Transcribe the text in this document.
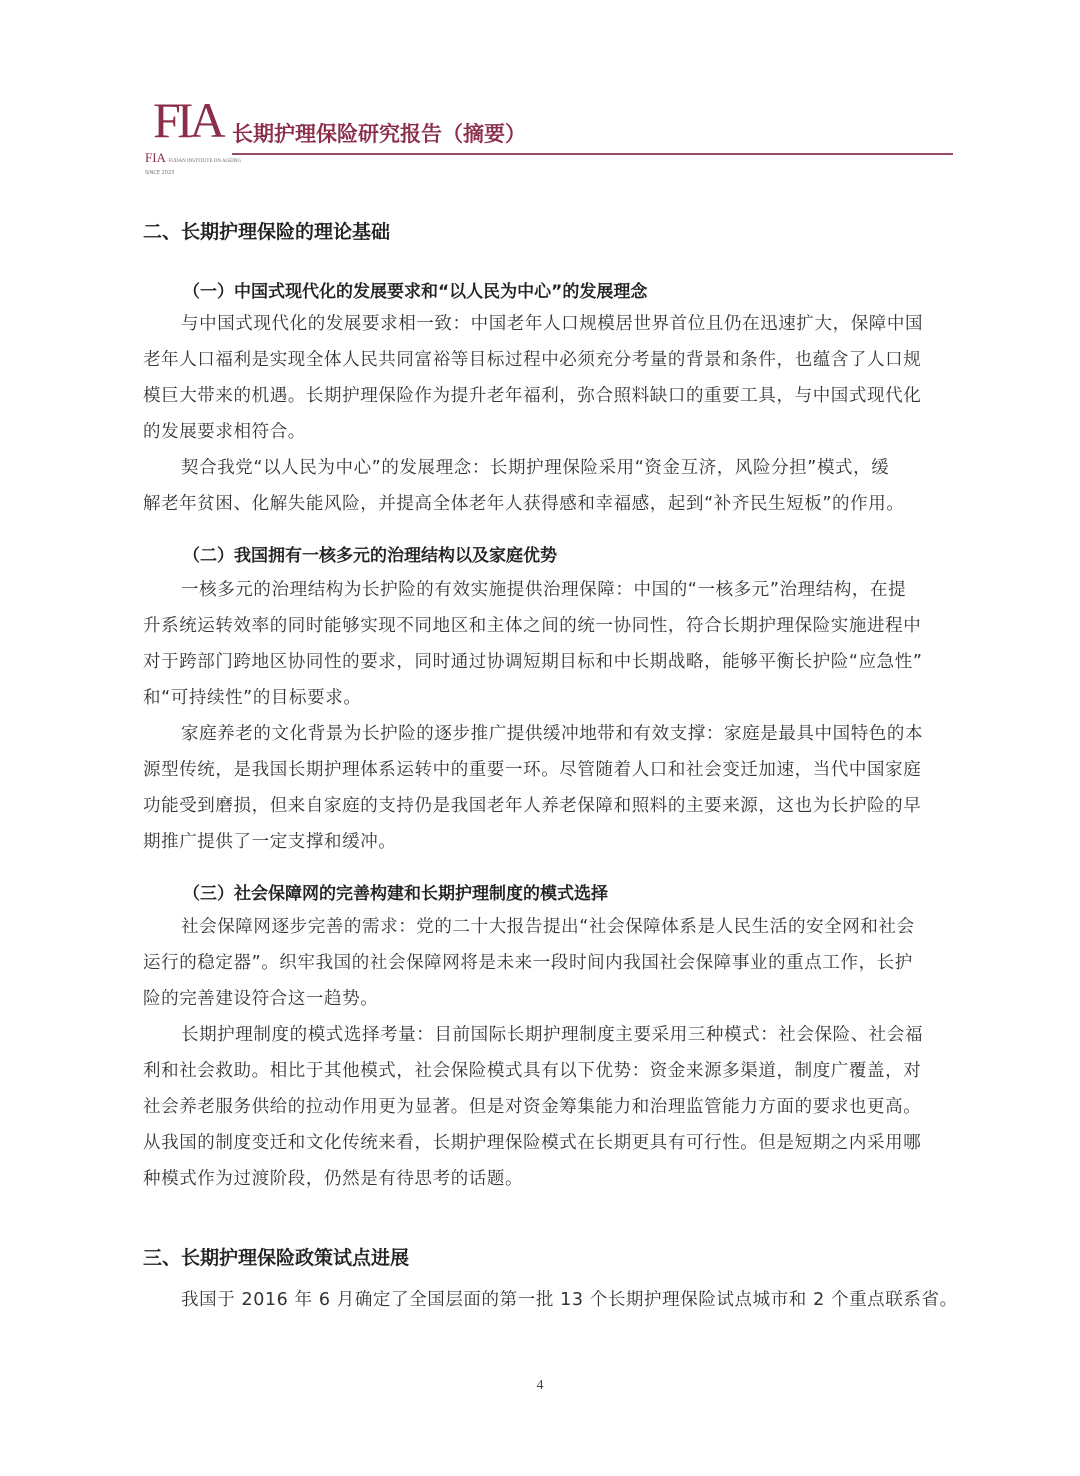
FIA
FIA FUDAN INSTITUTE ON AGEING
SINCE 2023
长期护理保险研究报告（摘要）
4
二、长期护理保险的理论基础
（一）中国式现代化的发展要求和“以人民为中心”的发展理念
与中国式现代化的发展要求相一致：中国老年人口规模居世界首位且仍在迅速扩大，保障中国
老年人口福利是实现全体人民共同富裕等目标过程中必须充分考量的背景和条件，也蕴含了人口规
模巨大带来的机遇。长期护理保险作为提升老年福利，弥合照料缺口的重要工具，与中国式现代化
的发展要求相符合。
契合我党“以人民为中心”的发展理念：长期护理保险采用“资金互济，风险分担”模式，缓
解老年贫困、化解失能风险，并提高全体老年人获得感和幸福感，起到“补齐民生短板”的作用。
（二）我国拥有一核多元的治理结构以及家庭优势
一核多元的治理结构为长护险的有效实施提供治理保障：中国的“一核多元”治理结构，在提
升系统运转效率的同时能够实现不同地区和主体之间的统一协同性，符合长期护理保险实施进程中
对于跨部门跨地区协同性的要求，同时通过协调短期目标和中长期战略，能够平衡长护险“应急性”
和“可持续性”的目标要求。
家庭养老的文化背景为长护险的逐步推广提供缓冲地带和有效支撑：家庭是最具中国特色的本
源型传统，是我国长期护理体系运转中的重要一环。尽管随着人口和社会变迁加速，当代中国家庭
功能受到磨损，但来自家庭的支持仍是我国老年人养老保障和照料的主要来源，这也为长护险的早
期推广提供了一定支撑和缓冲。
（三）社会保障网的完善构建和长期护理制度的模式选择
社会保障网逐步完善的需求：党的二十大报告提出“社会保障体系是人民生活的安全网和社会
运行的稳定器”。织牢我国的社会保障网将是未来一段时间内我国社会保障事业的重点工作，长护
险的完善建设符合这一趋势。
长期护理制度的模式选择考量：目前国际长期护理制度主要采用三种模式：社会保险、社会福
利和社会救助。相比于其他模式，社会保险模式具有以下优势：资金来源多渠道，制度广覆盖，对
社会养老服务供给的拉动作用更为显著。但是对资金筹集能力和治理监管能力方面的要求也更高。
从我国的制度变迁和文化传统来看，长期护理保险模式在长期更具有可行性。但是短期之内采用哪
种模式作为过渡阶段，仍然是有待思考的话题。
三、长期护理保险政策试点进展
我国于 2016 年 6 月确定了全国层面的第一批 13 个长期护理保险试点城市和 2 个重点联系省。
